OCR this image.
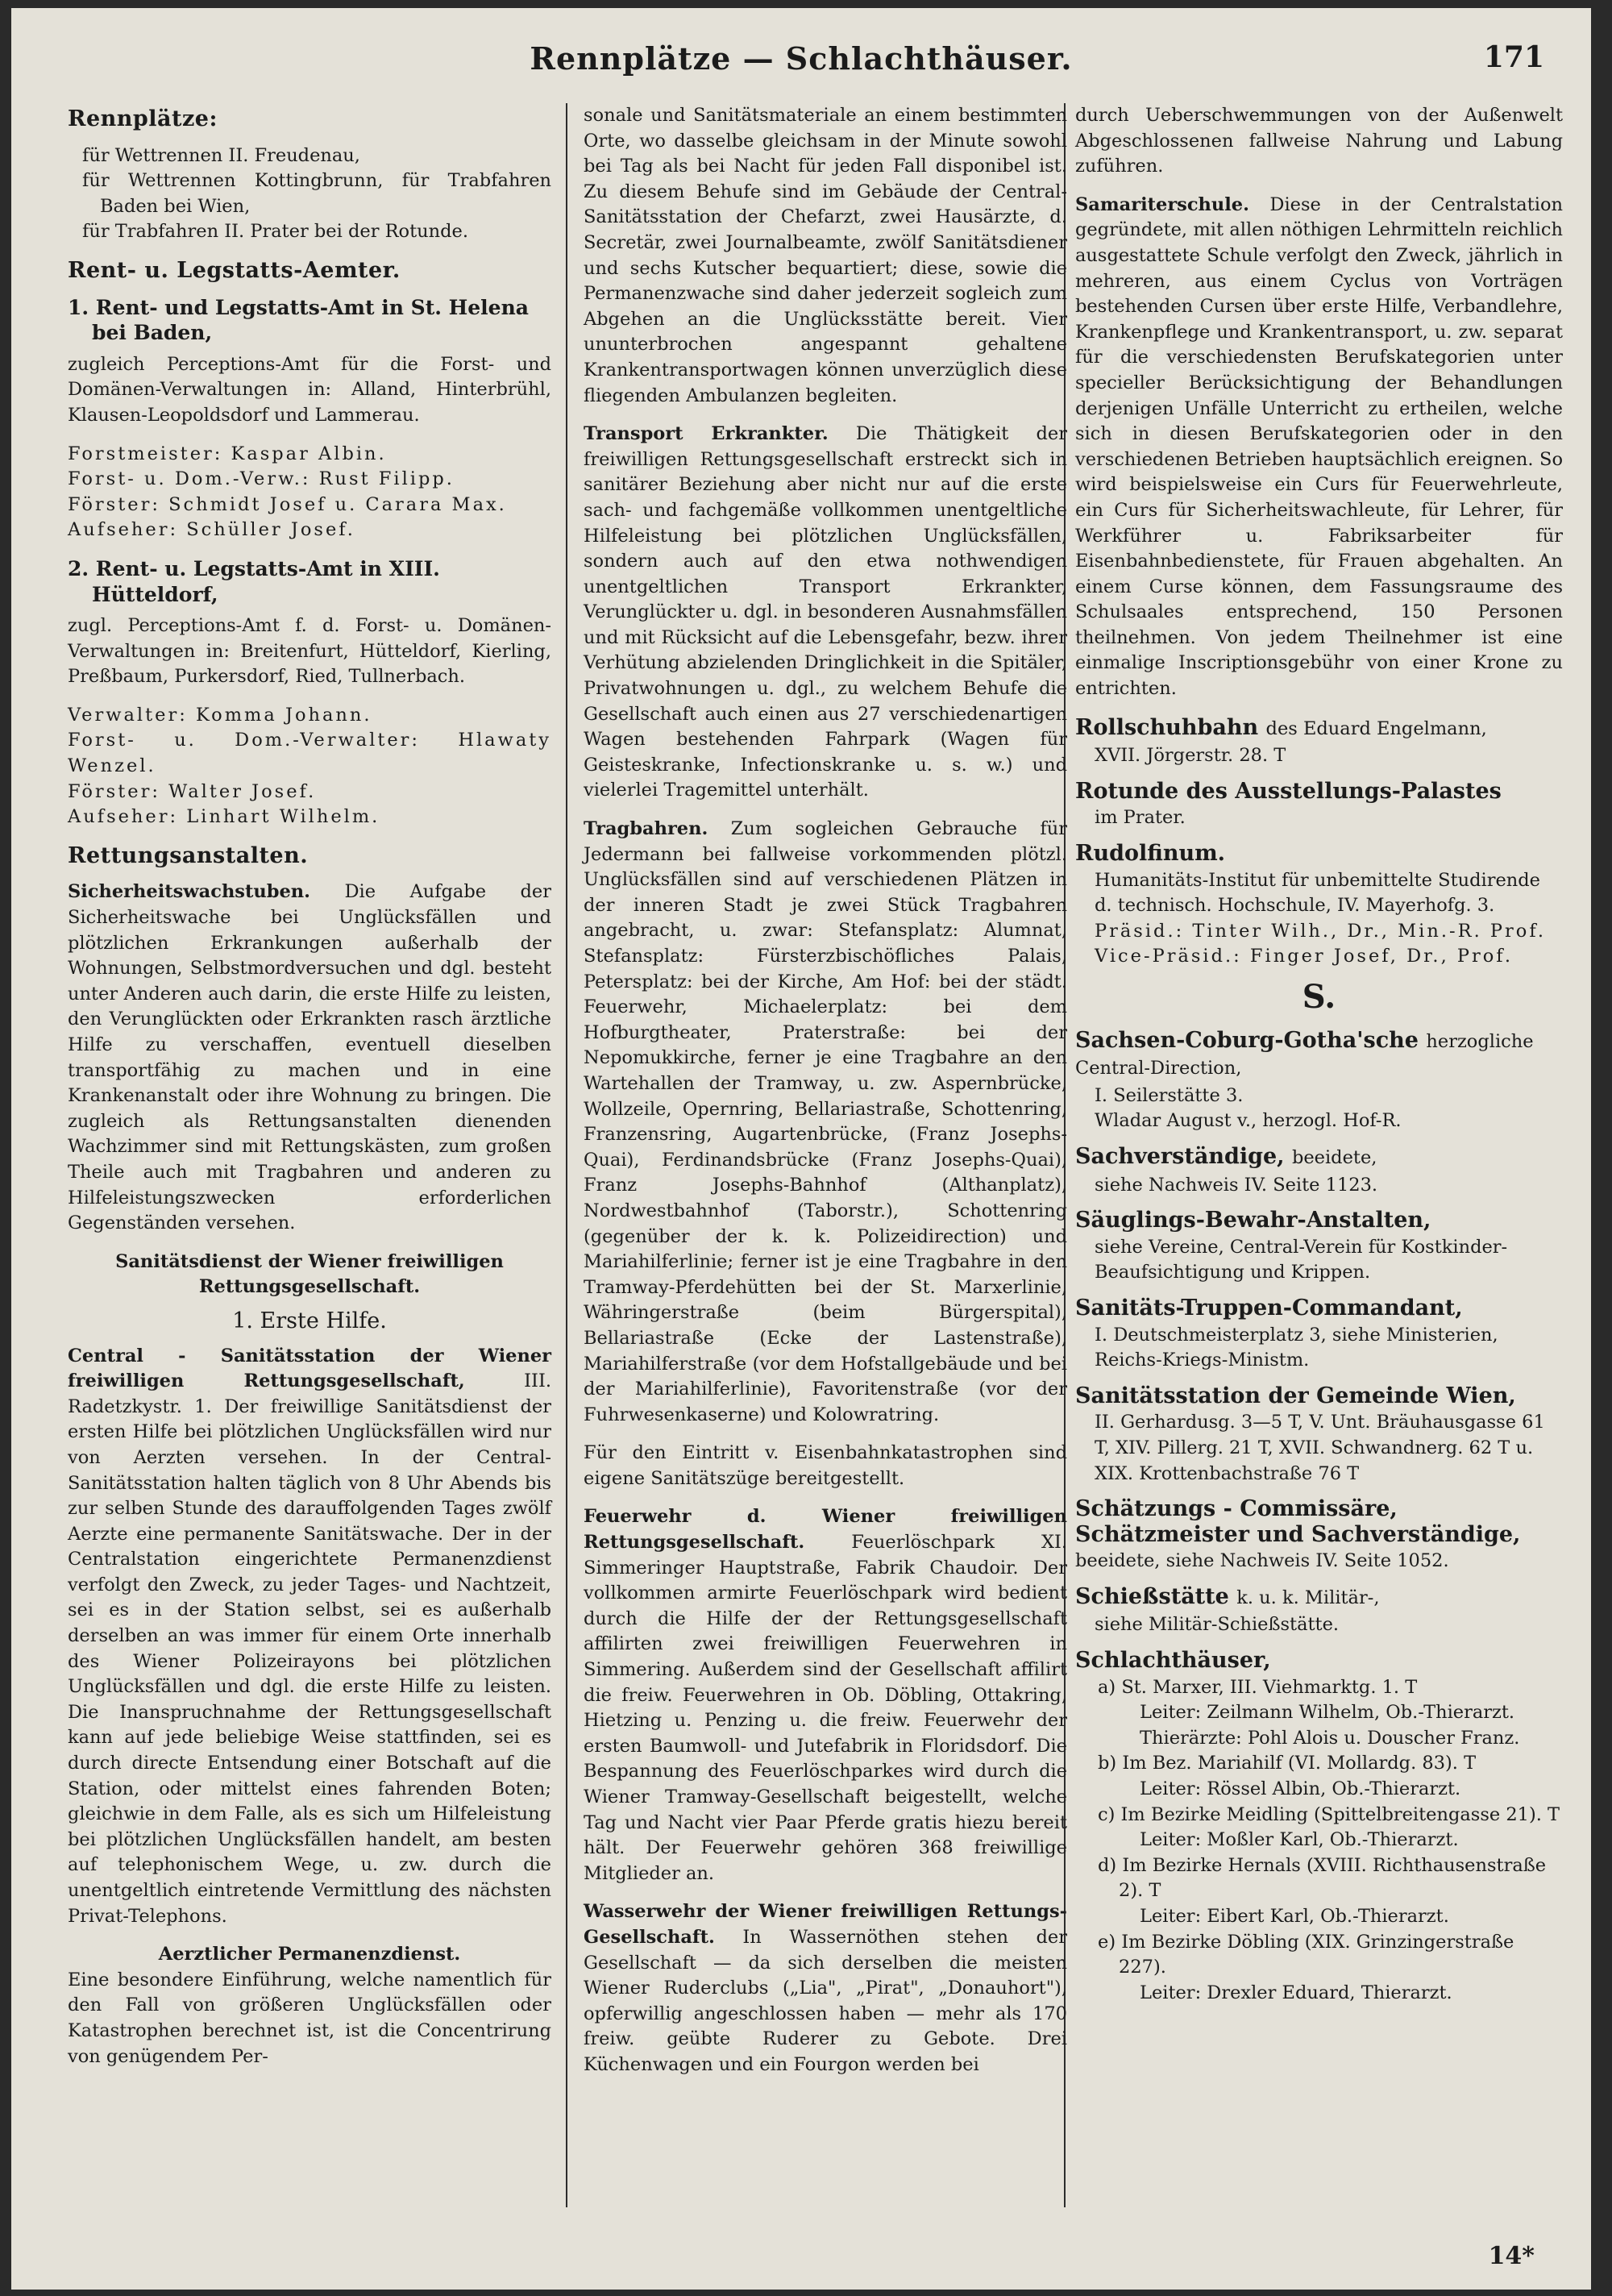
Rennplätze — Schlachthäuser.	171
Rennplätze:
für Wettrennen II. Freudenau,
für Wettrennen Kottingbrunn, für Trabfahren Baden bei Wien,
für Trabfahren II. Prater bei der Rotunde.
Rent- u. Legstatts-Aemter.
1. Rent- und Legstatts-Amt in St. Helena bei Baden,
zugleich Perceptions-Amt für die Forst- und Domänen-Verwaltungen in: Alland, Hinterbrühl, Klausen-Leopoldsdorf und Lammerau.
Forstmeister: Kaspar Albin.
Forst- u. Dom.-Verw.: Rust Filipp.
Förster: Schmidt Josef u. Carara Max.
Aufseher: Schüller Josef.
2. Rent- u. Legstatts-Amt in XIII. Hütteldorf,
zugl. Perceptions-Amt f. d. Forst- u. Domänen-Verwaltungen in: Breitenfurt, Hütteldorf, Kierling, Preßbaum, Purkersdorf, Ried, Tullnerbach.
Verwalter: Komma Johann.
Forst- u. Dom.-Verwalter: Hlawaty Wenzel.
Förster: Walter Josef.
Aufseher: Linhart Wilhelm.
Rettungsanstalten.
Sicherheitswachstuben. Die Aufgabe der Sicherheitswache bei Unglücksfällen und plötzlichen Erkrankungen außerhalb der Wohnungen, Selbstmordversuchen und dgl. besteht unter Anderen auch darin, die erste Hilfe zu leisten, den Verunglückten oder Erkrankten rasch ärztliche Hilfe zu verschaffen, eventuell dieselben transportfähig zu machen und in eine Krankenanstalt oder ihre Wohnung zu bringen. Die zugleich als Rettungsanstalten dienenden Wachzimmer sind mit Rettungskästen, zum großen Theile auch mit Tragbahren und anderen zu Hilfeleistungszwecken erforderlichen Gegenständen versehen.
Sanitätsdienst der Wiener freiwilligen Rettungsgesellschaft.
1. Erste Hilfe.
Central - Sanitätsstation der Wiener freiwilligen Rettungsgesellschaft,	III. Radetzkystr. 1. Der freiwillige Sanitätsdienst der ersten Hilfe bei plötzlichen Unglücksfällen wird nur von Aerzten versehen. In der Central-Sanitätsstation halten täglich von 8 Uhr Abends bis zur selben Stunde des darauffolgenden Tages zwölf Aerzte eine permanente Sanitätswache. Der in der Centralstation eingerichtete Permanenzdienst verfolgt den Zweck, zu jeder Tages- und Nachtzeit, sei es in der Station selbst, sei es außerhalb derselben an was immer für einem Orte innerhalb des Wiener Polizeirayons bei plötzlichen Unglücksfällen und dgl. die erste Hilfe zu leisten. Die Inanspruchnahme der Rettungsgesellschaft kann auf jede beliebige Weise stattfinden, sei es durch directe Entsendung einer Botschaft auf die Station, oder mittelst eines fahrenden Boten; gleichwie in dem Falle, als es sich um Hilfeleistung bei plötzlichen Unglücksfällen handelt, am besten auf telephonischem Wege, u. zw. durch die unentgeltlich eintretende Vermittlung des nächsten Privat-Telephons.
Aerztlicher Permanenzdienst.
Eine besondere Einführung, welche namentlich für den Fall von größeren Unglücksfällen oder Katastrophen berechnet ist, ist die Concentrirung von genügendem Per-
sonale und Sanitätsmateriale an einem bestimmten Orte, wo dasselbe gleichsam in der Minute sowohl bei Tag als bei Nacht für jeden Fall disponibel ist. Zu diesem Behufe sind im Gebäude der Central-Sanitätsstation der Chefarzt, zwei Hausärzte, d. Secretär, zwei Journalbeamte, zwölf Sanitätsdiener und sechs Kutscher bequartiert; diese, sowie die Permanenzwache sind daher jederzeit sogleich zum Abgehen an die Unglücksstätte bereit. Vier ununterbrochen angespannt gehaltene Krankentransportwagen können unverzüglich diese fliegenden Ambulanzen begleiten.
Transport Erkrankter. Die Thätigkeit der freiwilligen Rettungsgesellschaft erstreckt sich in sanitärer Beziehung aber nicht nur auf die erste sach- und fachgemäße vollkommen unentgeltliche Hilfeleistung bei plötzlichen Unglücksfällen, sondern auch auf den etwa nothwendigen unentgeltlichen Transport Erkrankter, Verunglückter u. dgl. in besonderen Ausnahmsfällen und mit Rücksicht auf die Lebensgefahr, bezw. ihrer Verhütung abzielenden Dringlichkeit in die Spitäler, Privatwohnungen u. dgl., zu welchem Behufe die Gesellschaft auch einen aus 27 verschiedenartigen Wagen bestehenden Fahrpark (Wagen für Geisteskranke, Infectionskranke u. s. w.) und vielerlei Tragemittel unterhält.
Tragbahren. Zum sogleichen Gebrauche für Jedermann bei fallweise vorkommenden plötzl. Unglücksfällen sind auf verschiedenen Plätzen in der inneren Stadt je zwei Stück Tragbahren angebracht, u. zwar: Stefansplatz: Alumnat, Stefansplatz: Fürsterzbischöfliches Palais, Petersplatz: bei der Kirche, Am Hof: bei der städt. Feuerwehr, Michaelerplatz: bei dem Hofburgtheater, Praterstraße: bei der Nepomukkirche, ferner je eine Tragbahre an den Wartehallen der Tramway, u. zw. Aspernbrücke, Wollzeile, Opernring, Bellariastraße, Schottenring, Franzensring, Augartenbrücke, (Franz Josephs-Quai), Ferdinandsbrücke (Franz Josephs-Quai), Franz Josephs-Bahnhof (Althanplatz), Nordwestbahnhof (Taborstr.), Schottenring (gegenüber der k. k. Polizeidirection) und Mariahilferlinie; ferner ist je eine Tragbahre in den Tramway-Pferdehütten bei der St. Marxerlinie, Währingerstraße (beim Bürgerspital), Bellariastraße (Ecke der Lastenstraße), Mariahilferstraße (vor dem Hofstallgebäude und bei der Mariahilferlinie), Favoritenstraße (vor der Fuhrwesenkaserne) und Kolowratring.
Für den Eintritt v. Eisenbahnkatastrophen sind eigene Sanitätszüge bereitgestellt.
Feuerwehr d. Wiener freiwilligen Rettungsgesellschaft.	Feuerlöschpark XI. Simmeringer Hauptstraße, Fabrik Chaudoir. Der vollkommen armirte Feuerlöschpark wird bedient durch die Hilfe der der Rettungsgesellschaft affilirten zwei freiwilligen Feuerwehren in Simmering. Außerdem sind der Gesellschaft affilirt die freiw. Feuerwehren in Ob. Döbling, Ottakring, Hietzing u. Penzing u. die freiw. Feuerwehr der ersten Baumwoll- und Jutefabrik in Floridsdorf. Die Bespannung des Feuerlöschparkes wird durch die Wiener Tramway-Gesellschaft beigestellt, welche Tag und Nacht vier Paar Pferde gratis hiezu bereit hält. Der Feuerwehr gehören 368 freiwillige Mitglieder an.
Wasserwehr der Wiener freiwilligen Rettungs-Gesellschaft. In Wassernöthen stehen der Gesellschaft — da sich derselben die meisten Wiener Ruderclubs („Lia", „Pirat", „Donauhort"), opferwillig angeschlossen haben — mehr als 170 freiw. geübte Ruderer zu Gebote. Drei Küchenwagen und ein Fourgon werden bei
durch Ueberschwemmungen von der Außenwelt Abgeschlossenen fallweise Nahrung und Labung zuführen.
Samariterschule. Diese in der Centralstation gegründete, mit allen nöthigen Lehrmitteln reichlich ausgestattete Schule verfolgt den Zweck, jährlich in mehreren, aus einem Cyclus von Vorträgen bestehenden Cursen über erste Hilfe, Verbandlehre, Krankenpflege und Krankentransport, u. zw. separat für die verschiedensten Berufskategorien unter specieller Berücksichtigung der Behandlungen derjenigen Unfälle Unterricht zu ertheilen, welche sich in diesen Berufskategorien oder in den verschiedenen Betrieben hauptsächlich ereignen. So wird beispielsweise ein Curs für Feuerwehrleute, ein Curs für Sicherheitswachleute, für Lehrer, für Werkführer u. Fabriksarbeiter für Eisenbahnbedienstete, für Frauen abgehalten. An einem Curse können, dem Fassungsraume des Schulsaales entsprechend, 150 Personen theilnehmen. Von jedem Theilnehmer ist eine einmalige Inscriptionsgebühr von einer Krone zu entrichten.
Rollschuhbahn des Eduard Engelmann,
XVII. Jörgerstr. 28. T
Rotunde des Ausstellungs-Palastes
im Prater.
Rudolfinum.
Humanitäts-Institut für unbemittelte Studirende d. technisch. Hochschule, IV. Mayerhofg. 3.
Präsid.: Tinter Wilh., Dr., Min.-R. Prof.
Vice-Präsid.: Finger Josef, Dr., Prof.
S.
Sachsen-Coburg-Gotha'sche herzogliche Central-Direction,
I. Seilerstätte 3.
Wladar August v., herzogl. Hof-R.
Sachverständige, beeidete,
siehe Nachweis IV. Seite 1123.
Säuglings-Bewahr-Anstalten,
siehe Vereine, Central-Verein für Kostkinder-Beaufsichtigung und Krippen.
Sanitäts-Truppen-Commandant,
I. Deutschmeisterplatz 3, siehe Ministerien, Reichs-Kriegs-Ministm.
Sanitätsstation der Gemeinde Wien,
II. Gerhardusg. 3—5 T, V. Unt. Bräuhausgasse 61 T, XIV. Pillerg. 21 T, XVII. Schwandnerg. 62 T u. XIX. Krottenbachstraße 76 T
Schätzungs - Commissäre, Schätzmeister und Sachverständige, beeidete, siehe Nachweis IV. Seite 1052.
Schießstätte k. u. k. Militär-,
siehe Militär-Schießstätte.
Schlachthäuser,
a) St. Marxer, III. Viehmarktg. 1. T
Leiter: Zeilmann Wilhelm, Ob.-Thierarzt.
Thierärzte: Pohl Alois u. Douscher Franz.
b) Im Bez. Mariahilf (VI. Mollardg. 83). T
Leiter: Rössel Albin, Ob.-Thierarzt.
c) Im Bezirke Meidling (Spittelbreitengasse 21). T
Leiter: Moßler Karl, Ob.-Thierarzt.
d) Im Bezirke Hernals (XVIII. Richthausenstraße 2). T
Leiter: Eibert Karl, Ob.-Thierarzt.
e) Im Bezirke Döbling (XIX. Grinzingerstraße 227).
Leiter: Drexler Eduard, Thierarzt.
14*
